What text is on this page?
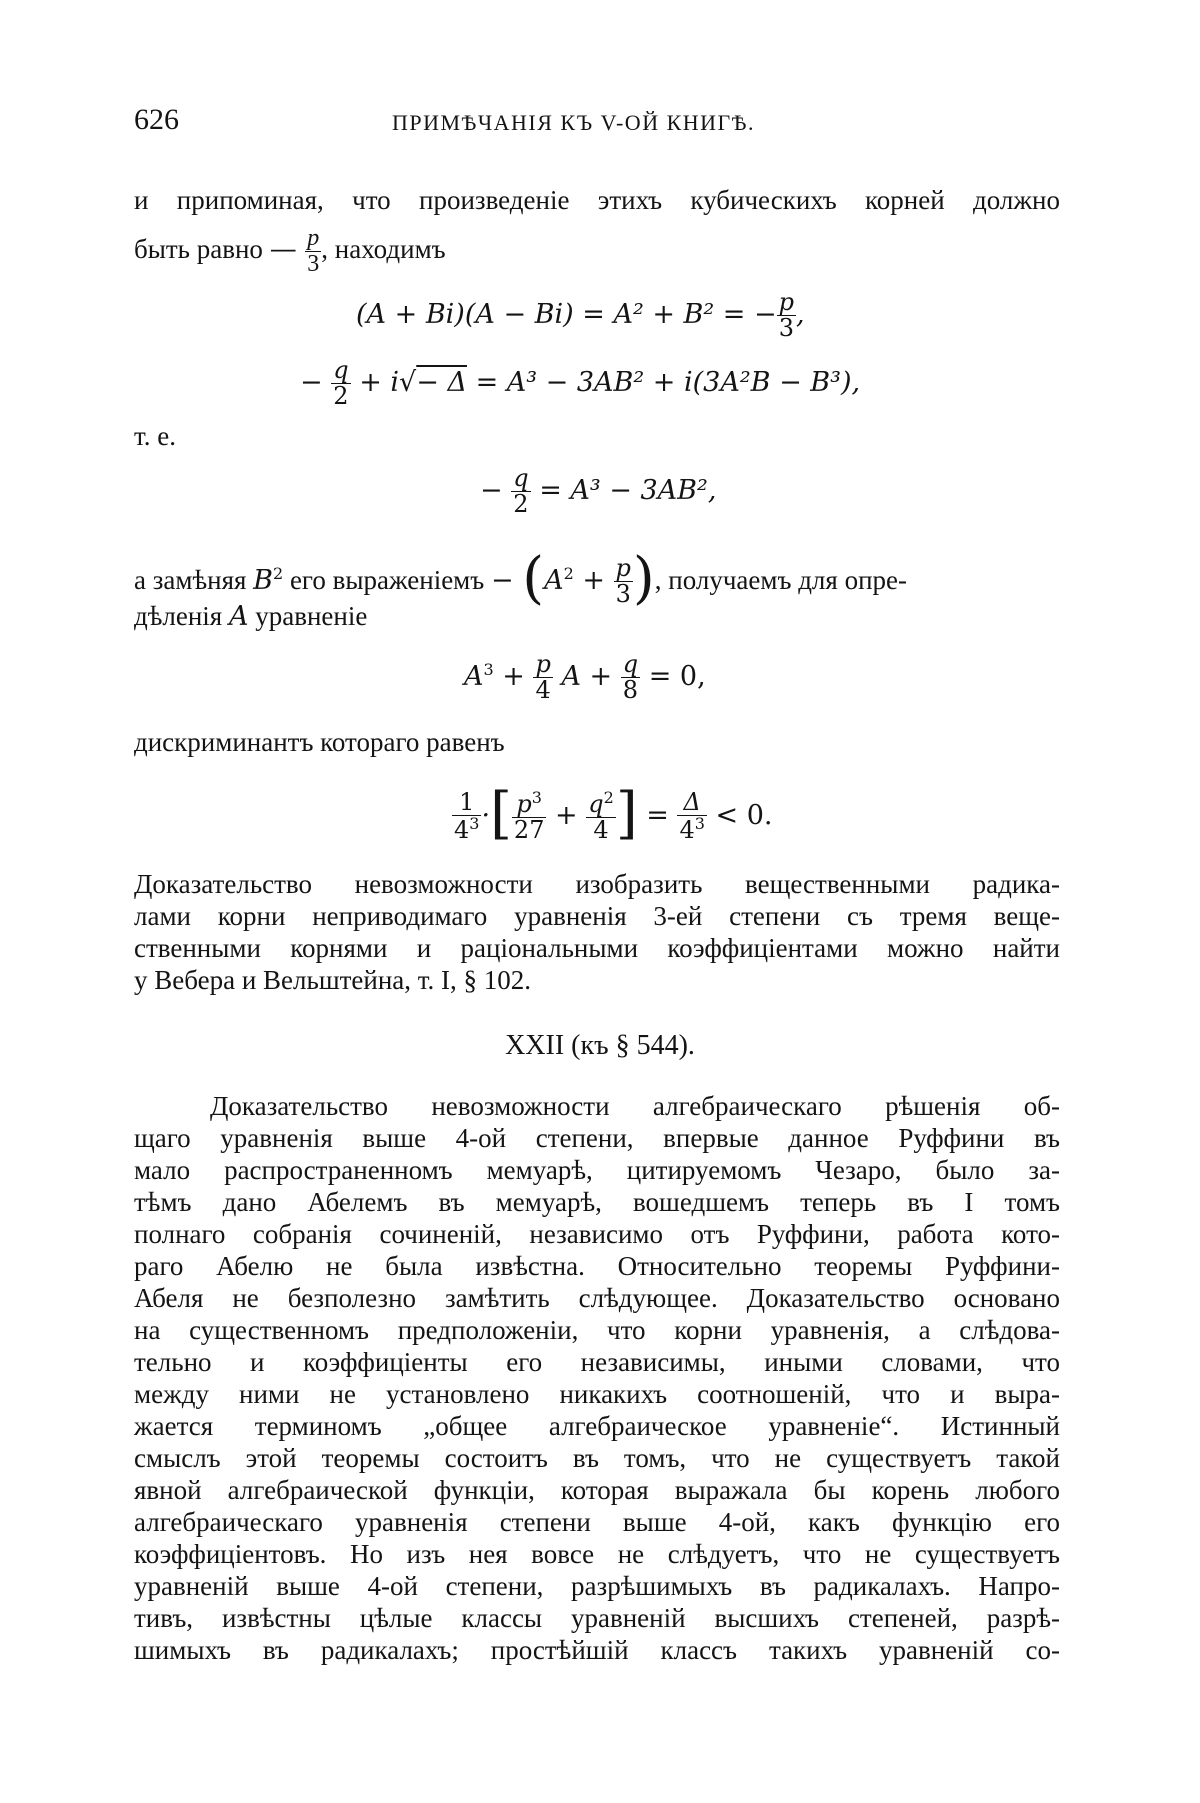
626	ПРИМѢЧАНІЯ КЪ V-ОЙ КНИГѢ.
и припоминая, что произведеніе этихъ кубическихъ корней должно
быть равно — $\frac{p}{3}$ , находимъ
(A + Bi)(A − Bi) = A² + B² = − $\frac{p}{3}$ ,
− $\frac{q}{2} + i√- \Delta = A^3 - 3AB^2 + i(3A^2B - B^3)$,
т. е.
− $\frac{q}{2} = A^3 - 3AB^2$,
а замѣняя $B^2$ его выраженіемъ − ($A^2 + \frac{p}{3}$ ), получаемъ для опре-
дѣленія A уравненіе
$A^3 + \frac{p}{4}$ $A + \frac{q}{8} = 0$,
дискриминантъ котораго равенъ
$\frac{1}{4^3}$ ·[ $\frac{p^3}{27} + \frac{q^2}{4}$ ] = $\frac{\Delta}{4^3} < 0$.
Доказательство невозможности изобразить вещественными радика-
лами корни неприводимаго уравненія 3-ей степени съ тремя веще-
ственными корнями и раціональными коэффиціентами можно найти
у Вебера и Вельштейна, т. I, § 102.
XXII (къ § 544).
Доказательство невозможности алгебраическаго рѣшенія об-
щаго уравненія выше 4-ой степени, впервые данное Руффини въ
мало распространенномъ мемуарѣ, цитируемомъ Чезаро, было за-
тѣмъ дано Абелемъ въ мемуарѣ, вошедшемъ теперь въ I томъ
полнаго собранія сочиненій, независимо отъ Руффини, работа кото-
раго Абелю не была извѣстна. Относительно теоремы Руффини-
Абеля не безполезно замѣтить слѣдующее. Доказательство основано
на существенномъ предположеніи, что корни уравненія, а слѣдова-
тельно и коэффиціенты его независимы, иными словами, что
между ними не установлено никакихъ соотношеній, что и выра-
жается терминомъ „общее алгебраическое уравненіе“. Истинный
смыслъ этой теоремы состоитъ въ томъ, что не существуетъ такой
явной алгебраической функціи, которая выражала бы корень любого
алгебраическаго уравненія степени выше 4-ой, какъ функцію его
коэффиціентовъ. Но изъ нея вовсе не слѣдуетъ, что не существуетъ
уравненій выше 4-ой степени, разрѣшимыхъ въ радикалахъ. Напро-
тивъ, извѣстны цѣлые классы уравненій высшихъ степеней, разрѣ-
шимыхъ въ радикалахъ; простѣйшій классъ такихъ уравненій со-
